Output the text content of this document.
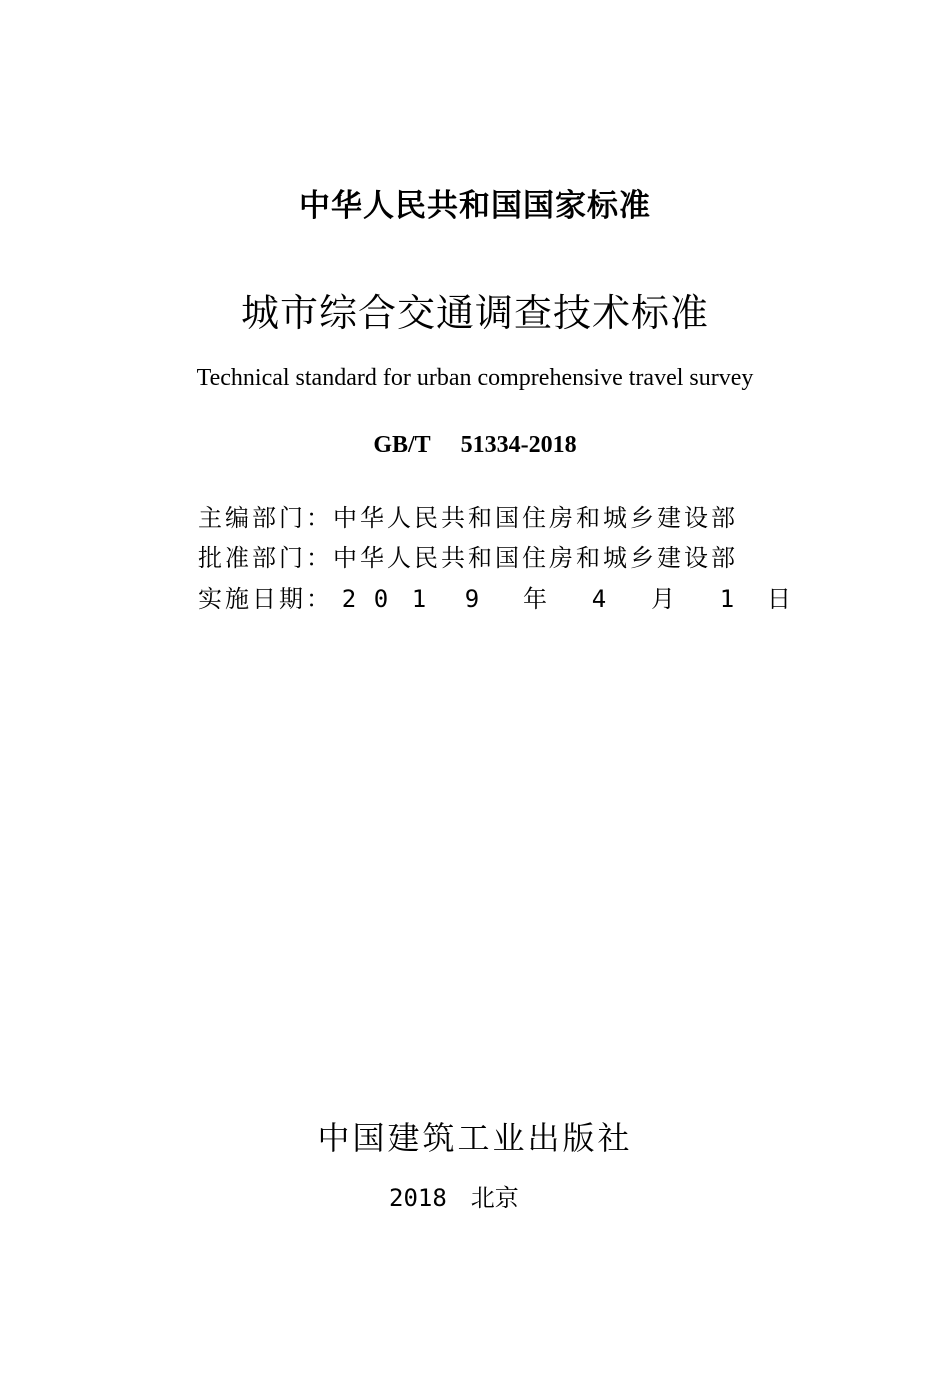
中华人民共和国国家标准
城市综合交通调查技术标准
Technical standard for urban comprehensive travel survey
GB/T 51334-2018
主编部门：中华人民共和国住房和城乡建设部
批准部门：中华人民共和国住房和城乡建设部
实施日期： 2 0 1 9 年 4 月 1 日
中国建筑工业出版社
2018　北京
